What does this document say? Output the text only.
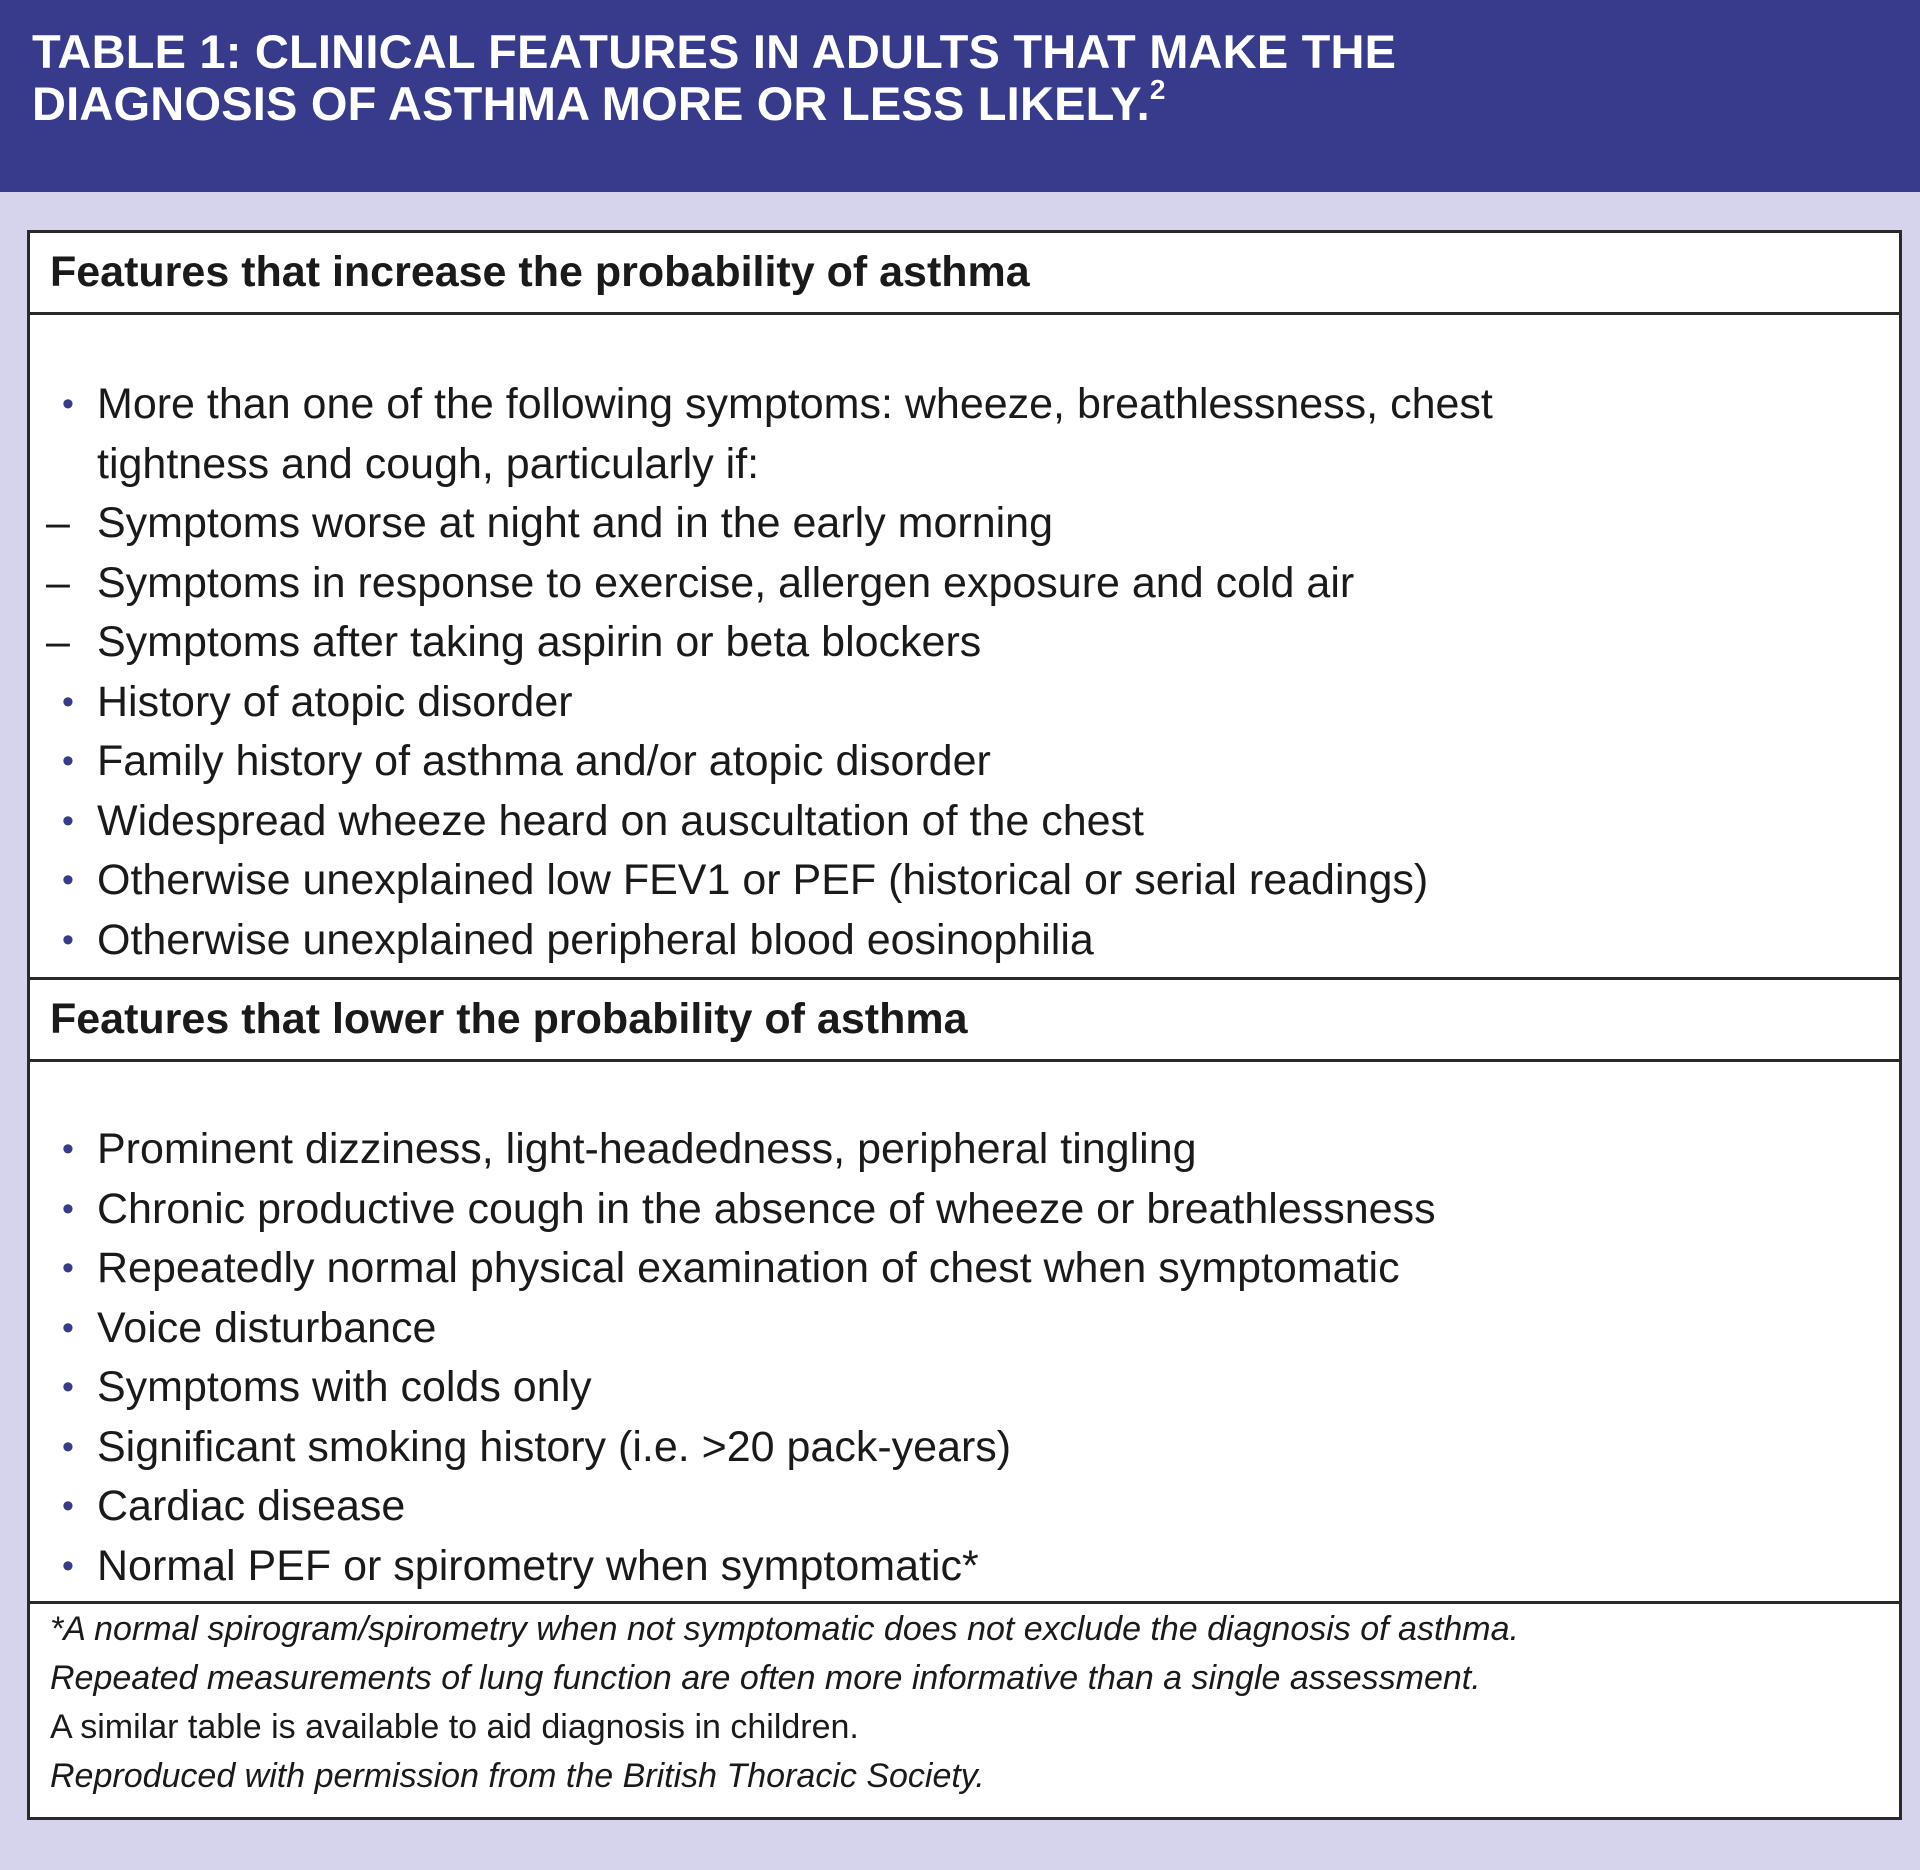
TABLE 1: CLINICAL FEATURES IN ADULTS THAT MAKE THE
DIAGNOSIS OF ASTHMA MORE OR LESS LIKELY.$^2$
Features that increase the probability of asthma
• More than one of the following symptoms: wheeze, breathlessness, chest
tightness and cough, particularly if:
– Symptoms worse at night and in the early morning
– Symptoms in response to exercise, allergen exposure and cold air
– Symptoms after taking aspirin or beta blockers
• History of atopic disorder
• Family history of asthma and/or atopic disorder
• Widespread wheeze heard on auscultation of the chest
• Otherwise unexplained low FEV1 or PEF (historical or serial readings)
• Otherwise unexplained peripheral blood eosinophilia
Features that lower the probability of asthma
• Prominent dizziness, light-headedness, peripheral tingling
• Chronic productive cough in the absence of wheeze or breathlessness
• Repeatedly normal physical examination of chest when symptomatic
• Voice disturbance
• Symptoms with colds only
• Significant smoking history (i.e. >20 pack-years)
• Cardiac disease
• Normal PEF or spirometry when symptomatic*

*A normal spirogram/spirometry when not symptomatic does not exclude the diagnosis of asthma.

Repeated measurements of lung function are often more informative than a single assessment.

A similar table is available to aid diagnosis in children.

Reproduced with permission from the British Thoracic Society.
